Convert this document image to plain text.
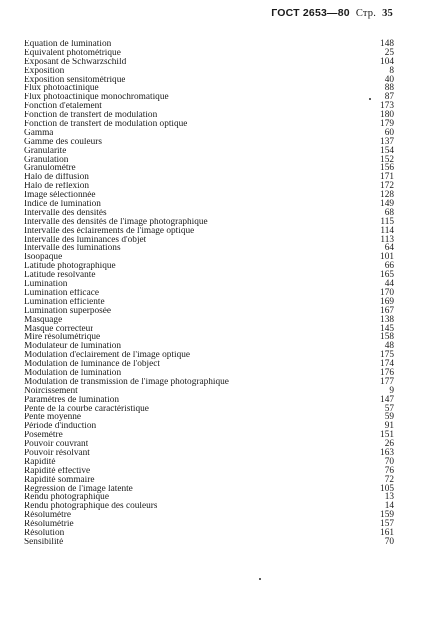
ГОСТ 2653—80 Стр. 35
Équation de lumination	148
Équivalent photométrique	25
Exposant de Schwarzschild	104
Exposition	8
Exposition sensitométrique	40
Flux photoactinique	88
Flux photoactinique monochromatique	87
Fonction d'etalement	173
Fonction de transfert de modulation	180
Fonction de transfert de modulation optique	179
Gamma	60
Gamme des couleurs	137
Granularite	154
Granulation	152
Granulomètre	156
Halo de diffusion	171
Halo de reflexion	172
Image sélectionnée	128
Indice de lumination	149
Intervalle des densités	68
Intervalle des densités de l'image photographique	115
Intervalle des éclairements de l'image optique	114
Intervalle des luminances d'objet	113
Intervalle des luminations	64
Isoopaque	101
Latitude photographique	66
Latitude resolvante	165
Lumination	44
Lumination efficace	170
Lumination efficiente	169
Lumination superposée	167
Masquage	138
Masque correcteur	145
Mire résolumétrique	158
Modulateur de lumination	48
Modulation d'eclairement de l'image optique	175
Modulation de luminance de l'object	174
Modulation de lumination	176
Modulation de transmission de l'image photographique	177
Noircissement	9
Paramètres de lumination	147
Pente de la courbe caractéristique	57
Pente moyenne	59
Période d'induction	91
Posemètre	151
Pouvoir couvrant	26
Pouvoir résolvant	163
Rapidité	70
Rapidité effective	76
Rapidité sommaire	72
Regression de l'image latente	105
Rendu photographique	13
Rendu photographique des couleurs	14
Résolumètre	159
Résolumétrie	157
Résolution	161
Sensibilité	70
